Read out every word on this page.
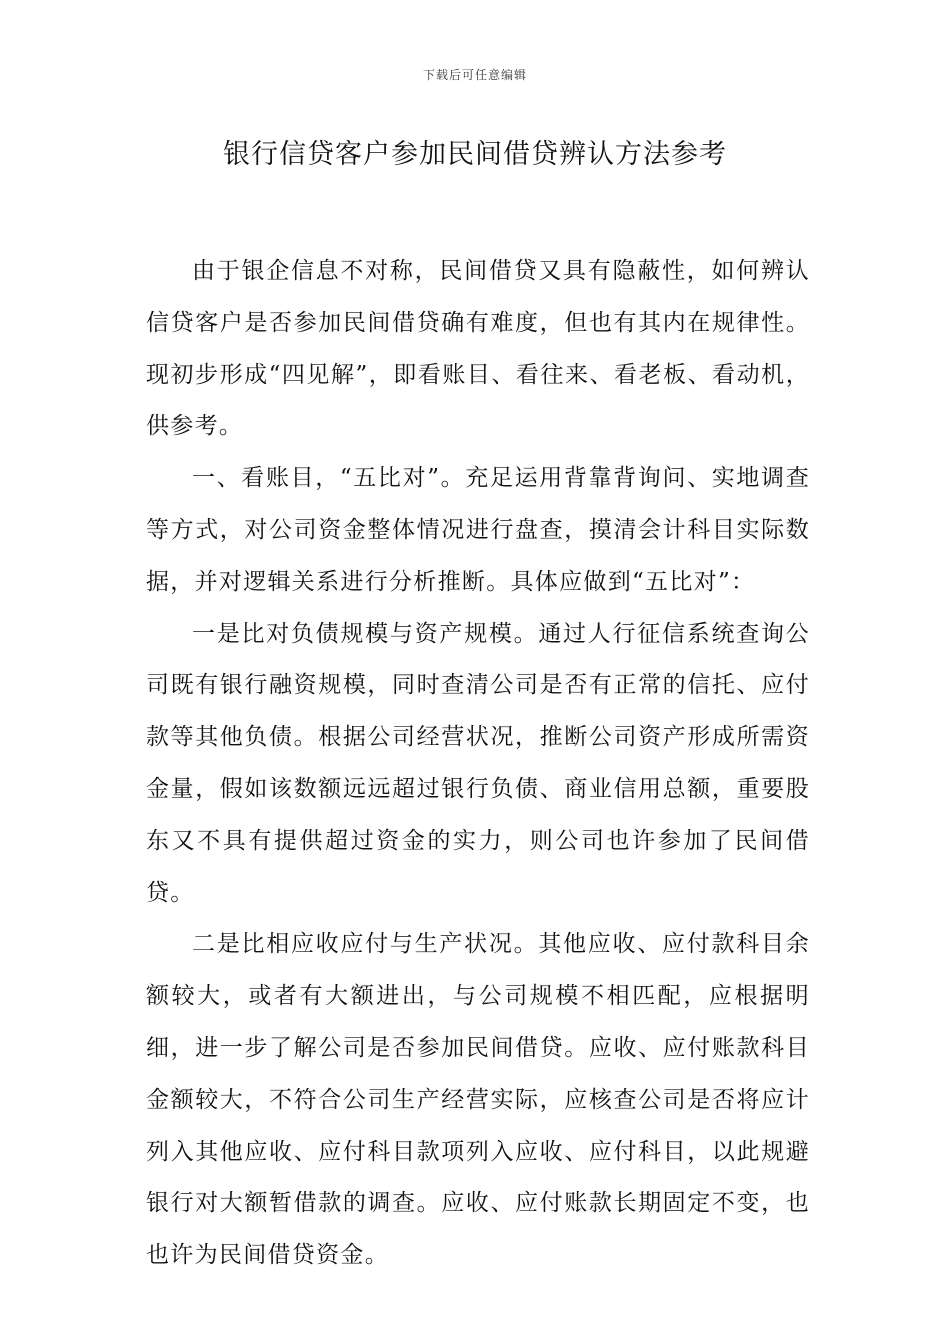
下载后可任意编辑
银行信贷客户参加民间借贷辨认方法参考

由于银企信息不对称，民间借贷又具有隐蔽性，如何辨认信贷客户是否参加民间借贷确有难度，但也有其内在规律性。现初步形成“四见解”，即看账目、看往来、看老板、看动机，供参考。

一、看账目，“五比对”。充足运用背靠背询问、实地调查等方式，对公司资金整体情况进行盘查，摸清会计科目实际数据，并对逻辑关系进行分析推断。具体应做到“五比对”：

一是比对负债规模与资产规模。通过人行征信系统查询公司既有银行融资规模，同时查清公司是否有正常的信托、应付款等其他负债。根据公司经营状况，推断公司资产形成所需资金量，假如该数额远远超过银行负债、商业信用总额，重要股东又不具有提供超过资金的实力，则公司也许参加了民间借贷。

二是比相应收应付与生产状况。其他应收、应付款科目余额较大，或者有大额进出，与公司规模不相匹配，应根据明细，进一步了解公司是否参加民间借贷。应收、应付账款科目金额较大，不符合公司生产经营实际，应核查公司是否将应计列入其他应收、应付科目款项列入应收、应付科目，以此规避银行对大额暂借款的调查。应收、应付账款长期固定不变，也也许为民间借贷资金。
